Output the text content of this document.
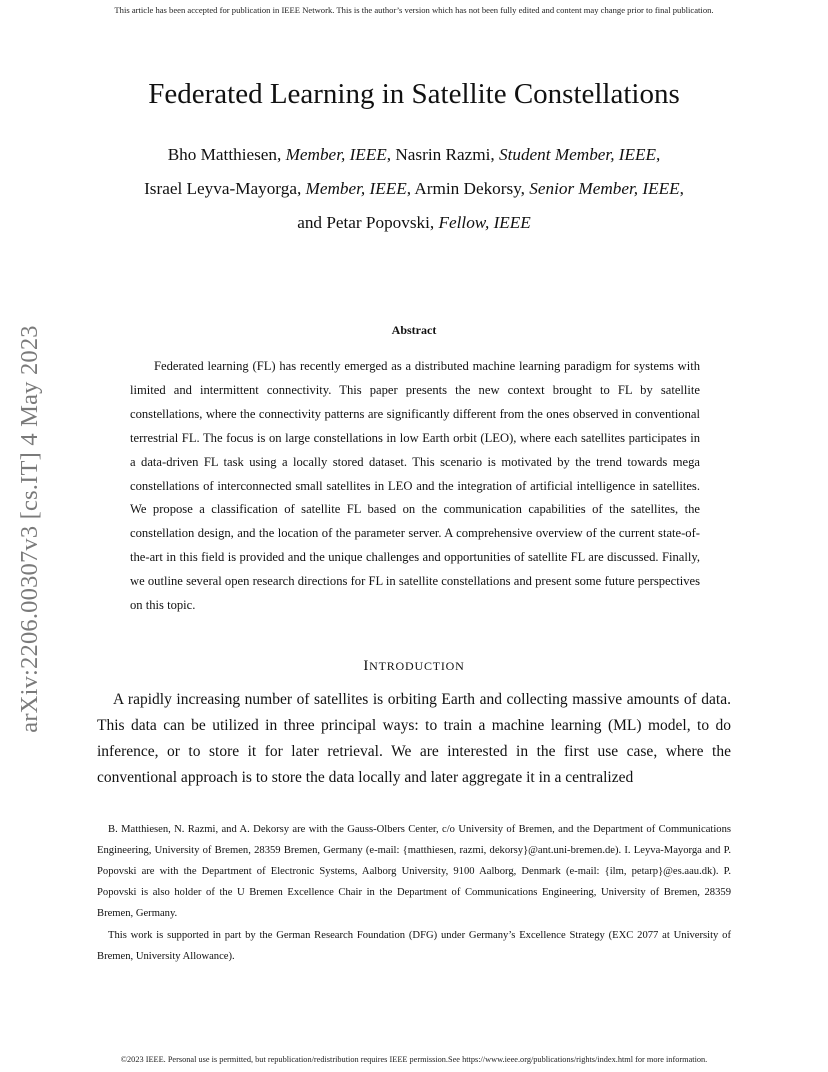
This article has been accepted for publication in IEEE Network. This is the author’s version which has not been fully edited and content may change prior to final publication.
arXiv:2206.00307v3 [cs.IT] 4 May 2023
Federated Learning in Satellite Constellations
Bho Matthiesen, Member, IEEE, Nasrin Razmi, Student Member, IEEE,
Israel Leyva-Mayorga, Member, IEEE, Armin Dekorsy, Senior Member, IEEE,
and Petar Popovski, Fellow, IEEE
Abstract

Federated learning (FL) has recently emerged as a distributed machine learning paradigm for systems with limited and intermittent connectivity. This paper presents the new context brought to FL by satellite constellations, where the connectivity patterns are significantly different from the ones observed in conventional terrestrial FL. The focus is on large constellations in low Earth orbit (LEO), where each satellites participates in a data-driven FL task using a locally stored dataset. This scenario is motivated by the trend towards mega constellations of interconnected small satellites in LEO and the integration of artificial intelligence in satellites. We propose a classification of satellite FL based on the communication capabilities of the satellites, the constellation design, and the location of the parameter server. A comprehensive overview of the current state-of-the-art in this field is provided and the unique challenges and opportunities of satellite FL are discussed. Finally, we outline several open research directions for FL in satellite constellations and present some future perspectives on this topic.

INTRODUCTION

A rapidly increasing number of satellites is orbiting Earth and collecting massive amounts of data. This data can be utilized in three principal ways: to train a machine learning (ML) model, to do inference, or to store it for later retrieval. We are interested in the first use case, where the conventional approach is to store the data locally and later aggregate it in a centralized

B. Matthiesen, N. Razmi, and A. Dekorsy are with the Gauss-Olbers Center, c/o University of Bremen, and the Department of Communications Engineering, University of Bremen, 28359 Bremen, Germany (e-mail: {matthiesen, razmi, dekorsy}@ant.uni-bremen.de). I. Leyva-Mayorga and P. Popovski are with the Department of Electronic Systems, Aalborg University, 9100 Aalborg, Denmark (e-mail: {ilm, petarp}@es.aau.dk). P. Popovski is also holder of the U Bremen Excellence Chair in the Department of Communications Engineering, University of Bremen, 28359 Bremen, Germany.

This work is supported in part by the German Research Foundation (DFG) under Germany’s Excellence Strategy (EXC 2077 at University of Bremen, University Allowance).

©2023 IEEE. Personal use is permitted, but republication/redistribution requires IEEE permission.See https://www.ieee.org/publications/rights/index.html for more information.
